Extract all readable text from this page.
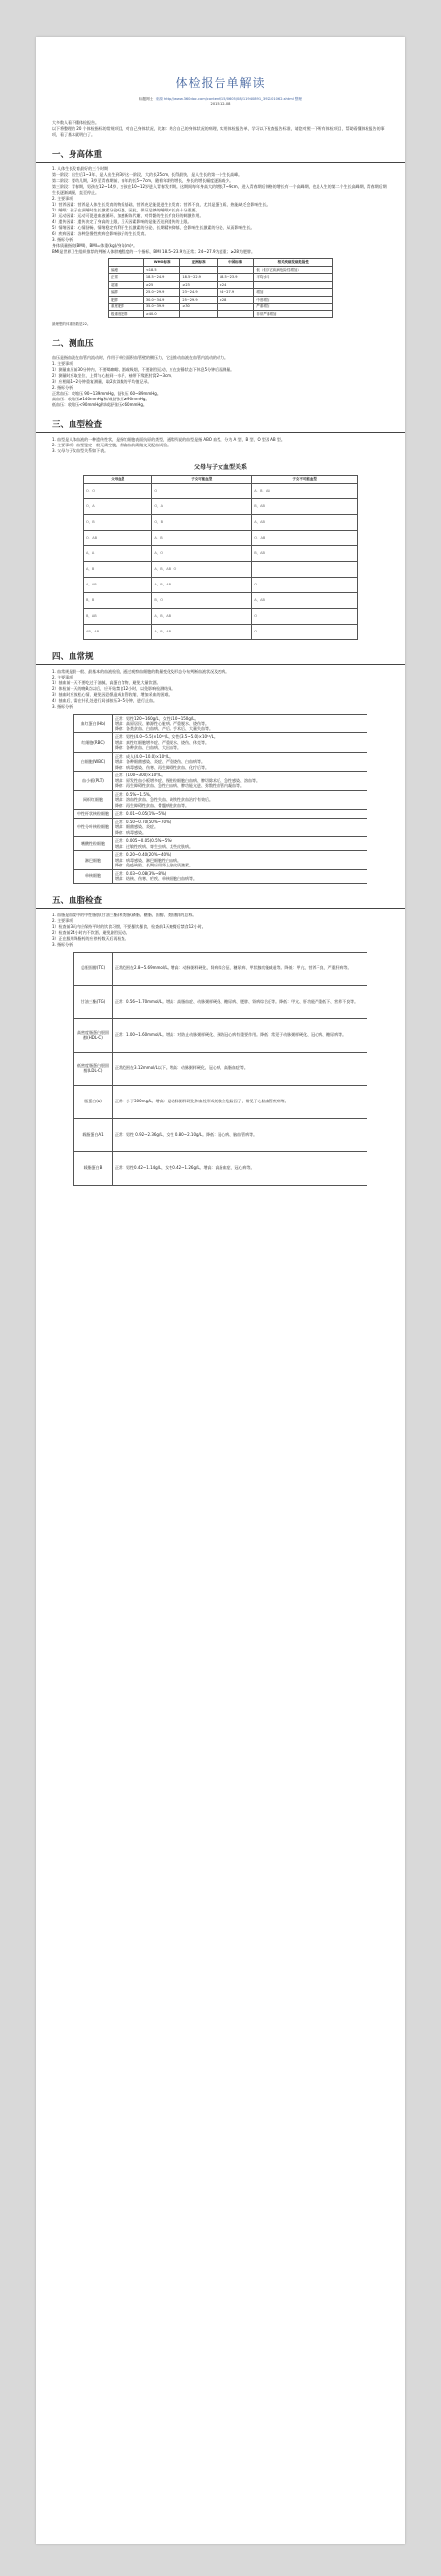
体检报告单解读
标题网士 来源 http://www.360doc.com/content/15/0605/08/11940891_392101062.shtml 整理
2015-12-08

大多数人看不懂体检报告。

以下将整理的 20 个体检指标的常规项目，对自己身体状况，比如：结合自己的身体状况的病理，实用体检报告单，学习以下检查报告标准，请您对照一下所有体检项目，帮助看懂体检报告的事项，看了基本就明白了。

一、身高体重

1. 人体生长发育最好的三个时期

第一阶段：出生后1~3年，是人出生到3岁这一阶段，大约长25cm，长得最快，是人生长的第一个生长高峰。

第二阶段：婴幼儿期，3岁至青春期前，每年约长5~7cm，随着年龄的增长，身长的增长幅度逐渐减少。

第三阶段：青春期，男孩在12~14岁，女孩在10~12岁进入青春发育期。这期间每年身高大约增长7~9cm，进入青春期后体格的增长有一个高峰期，也是人生的第二个生长高峰期，青春期后期生长逐渐减慢，直至停止。

2. 主要事项

1）营养因素：营养是人体生长发育的物质基础，营养充足能促进生长发育；营养不良，尤其是蛋白质、热能缺乏会影响生长。

2）睡眠：孩子在深睡时生长激素分泌旺盛，因此，保证足够的睡眠对长高十分重要。

3）运动因素：运动可促进血液循环，加速新陈代谢，对骨骼的生长有良好的刺激作用。

4）遗传因素：遗传决定了身高的上限，后天因素影响的是能否达到遗传的上限。

5）情绪因素：心情舒畅，情绪稳定有利于生长激素的分泌，长期精神抑郁，会影响生长激素的分泌，从而影响生长。

6）疾病因素：各种急慢性疾病会影响孩子的生长发育。

3. 指标分析

身体质量指数(BMI)，BMI=体重(kg)/身高(m)²。

BMI是世界卫生组织推荐的判断人体胖瘦程度的一个指标，BMI 18.5~23.9为正常；24~27.9为超重；≥28为肥胖。

	WHO标准	亚洲标准	中国标准	相关疾病发病危险性
偏瘦	<18.5			低（但其它疾病危险性增加）
正常	18.5~24.9	18.5~22.9	18.5~23.9	平均水平
超重	≥25	≥23	≥24	
偏胖	25.0~29.9	23~24.9	24~27.9	增加
肥胖	30.0~34.9	25~29.9	≥28	中度增加
重度肥胖	35.0~39.9	≥30		严重增加
极重度肥胖	≥40.0			非常严重增加

最理想的体重指数是22。

二、测血压

血压是指血液在血管内流动时，作用于单位面积血管壁的侧压力，它是推动血液在血管内流动的动力。

1. 主要事项

1）测量血压前30分钟内，不要喝咖啡、酒或吸烟，不要剧烈运动，应在安静状态下休息5分钟后再测量。

2）测量时应取坐位，上臂与心脏同一水平，袖带下缘距肘窝2~3cm。

3）应相隔1~2分钟重复测量，取2次读数的平均值记录。

2. 指标分析

正常血压：收缩压 90~139mmHg，舒张压 60~89mmHg。

高血压：收缩压≥140mmHg和/或舒张压≥90mmHg。

低血压：收缩压<90mmHg和/或舒张压<60mmHg。

三、血型检查

1. 血型是人体血液的一种遗传性状，是指红细胞表面抗原的类型，通常所说的血型是指 ABO 血型，分为 A 型、B 型、O 型及 AB 型。

2. 主要事项：血型鉴定一般无需空腹，但输血前需做交叉配血试验。

3. 父母与子女血型关系如下表。

父母与子女血型关系
父母血型	子女可能血型	子女不可能血型
O，O	O	A，B，AB
O，A	O，A	B，AB
O，B	O，B	A，AB
O，AB	A，B	O，AB
A，A	A，O	B，AB
A，B	A，B，AB，O	
A，AB	A，B，AB	O
B，B	B，O	A，AB
B，AB	A，B，AB	O
AB，AB	A，B，AB	O
四、血常规

1. 血常规是最一般、最基本的血液检验，通过观察血细胞的数量变化及形态分布判断血液状况及疾病。

2. 主要事项

1）抽血前一天不要吃过于油腻、高蛋白食物，避免大量饮酒。

2）体检前一天的晚8点以后，应开始禁食12小时，以免影响检测结果。

3）抽血时应放松心情，避免因恐惧造成血管收缩，增加采血的困难。

4）抽血后，需在针孔处进行局部按压3~5分钟，进行止血。

3. 指标分析

血红蛋白(Hb)	正常：男性120~160g/L，女性110~150g/L。
增高：高原居民、肺源性心脏病、严重脱水、烧伤等。
降低：各类贫血、白血病、产后、手术后、大量失血等。
红细胞(RBC)	正常：男性(4.0~5.5)×10¹²/L，女性(3.5~5.0)×10¹²/L。
增高：真性红细胞增多症、严重脱水、烧伤、休克等。
降低：各种贫血、白血病、大出血等。
白细胞(WBC)	正常：成人(4.0~10.0)×10⁹/L。
增高：各种细菌感染、炎症、严重烧伤、白血病等。
降低：病毒感染、伤寒、再生障碍性贫血、化疗后等。
血小板(PLT)	正常：(100~300)×10⁹/L。
增高：原发性血小板增多症、慢性粒细胞白血病、脾切除术后、急性感染、溶血等。
降低：再生障碍性贫血、急性白血病、脾功能亢进、弥散性血管内凝血等。
网织红细胞	正常：0.5%~1.5%。
增高：溶血性贫血、急性失血、缺铁性贫血治疗有效后。
降低：再生障碍性贫血、骨髓病性贫血等。
中性杆状核粒细胞	正常：0.01~0.05(1%~5%)
中性分叶核粒细胞	正常：0.50~0.70(50%~70%)
增高：细菌感染、炎症。
降低：病毒感染。
嗜酸性粒细胞	正常：0.005~0.05(0.5%~5%)
增高：过敏性疾病、寄生虫病、某些皮肤病。
淋巴细胞	正常：0.20~0.40(20%~40%)
增高：病毒感染、淋巴细胞性白血病。
降低：免疫缺陷、长期应用肾上腺皮质激素。
单核细胞	正常：0.03~0.08(3%~8%)
增高：结核、伤寒、疟疾、单核细胞白血病等。
五、血脂检查

1. 血脂是血浆中的中性脂肪(甘油三酯)和类脂(磷脂、糖脂、固醇、类固醇)的总称。

2. 主要事项

1）检查前3天内应保持平时的饮食习惯，不要暴饮暴食，检查前1天晚餐后禁食12小时。

2）检查前24小时内不饮酒，避免剧烈运动。

3）正在服用降脂药的应停药数天后再检查。

3. 指标分析

总胆固醇(TC)	正常范围在2.8~5.69mmol/L。增高：动脉粥样硬化、肾病综合征、糖尿病、甲状腺功能减退等。降低：甲亢、营养不良、严重肝病等。
甘油三酯(TG)	正常：0.56~1.70mmol/L。增高：高脂血症、动脉粥样硬化、糖尿病、肥胖、肾病综合征等。降低：甲亢、肝功能严重低下、营养不良等。
高密度脂蛋白胆固醇(HDL-C)	正常：1.00~1.60mmol/L。增高：对防止动脉粥样硬化、预防冠心病有重要作用。降低：常见于动脉粥样硬化、冠心病、糖尿病等。
低密度脂蛋白胆固醇(LDL-C)	正常范围在3.12mmol/L以下。增高：动脉粥样硬化、冠心病、高脂血症等。
脂蛋白(a)	正常：小于300mg/L。增高：是动脉粥样硬化和血栓形成的独立危险因子，常见于心脑血管疾病等。
载脂蛋白A1	正常：男性 0.92~2.36g/L，女性 0.80~2.10g/L。降低：冠心病、脑血管病等。
载脂蛋白B	正常：男性0.42~1.14g/L，女性0.42~1.26g/L。增高：高脂血症、冠心病等。
